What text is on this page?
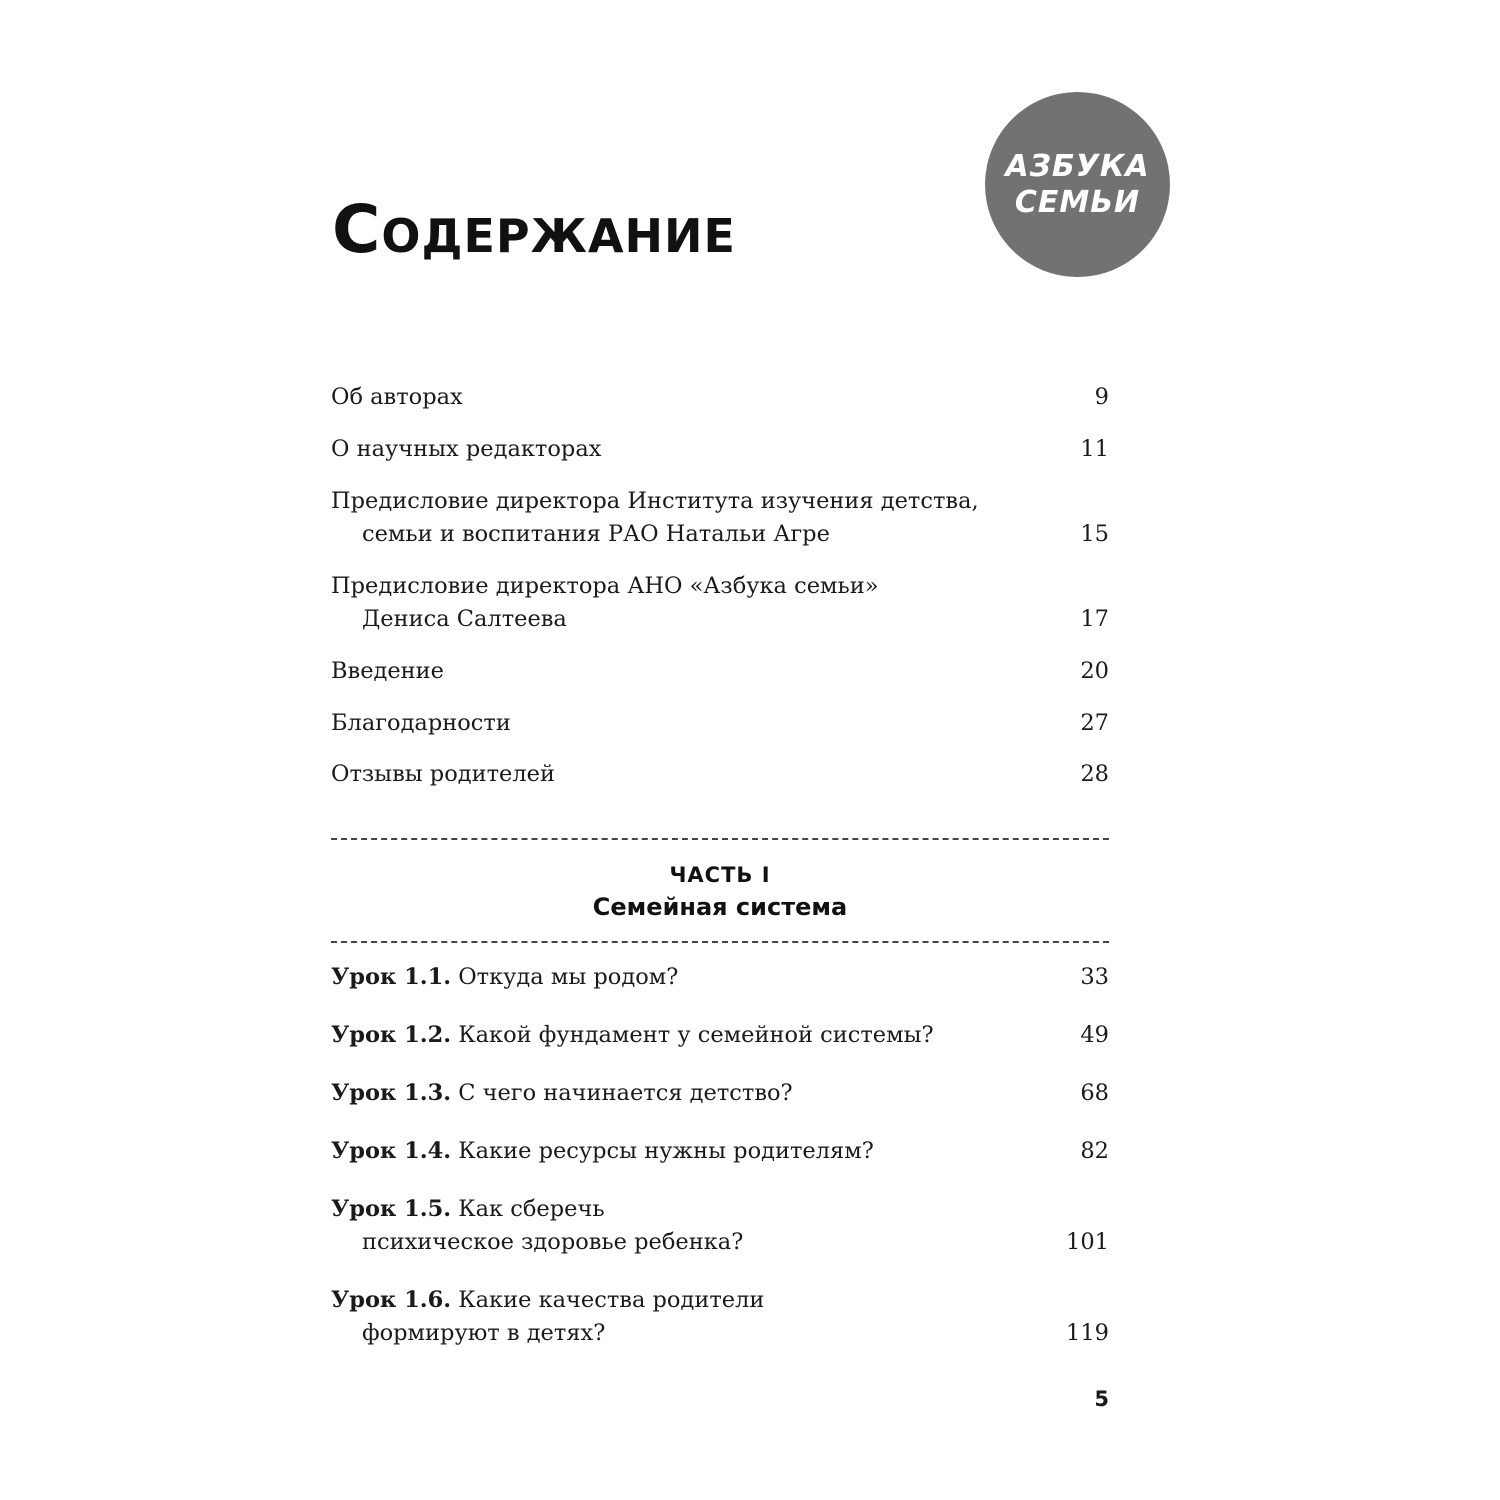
АЗБУКА
СЕМЬИ
Содержание
Об авторах	9
О научных редакторах	11
Предисловие директора Института изучения детства,
семьи и воспитания РАО Натальи Агре	15
Предисловие директора АНО «Азбука семьи»
Дениса Салтеева	17
Введение	20
Благодарности	27
Отзывы родителей	28
ЧАСТЬ I
Семейная система
Урок 1.1. Откуда мы родом?	33
Урок 1.2. Какой фундамент у семейной системы?	49
Урок 1.3. С чего начинается детство?	68
Урок 1.4. Какие ресурсы нужны родителям?	82
Урок 1.5. Как сберечь
психическое здоровье ребенка?	101
Урок 1.6. Какие качества родители
формируют в детях?	119
5
